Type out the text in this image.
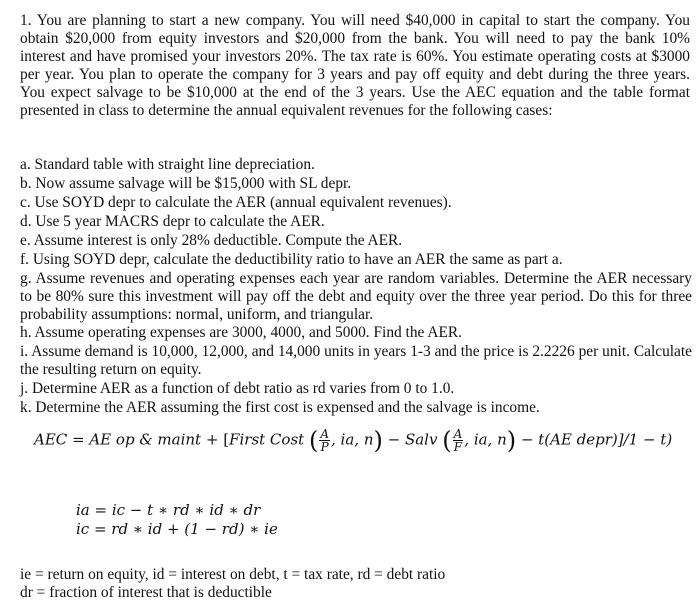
1. You are planning to start a new company. You will need $40,000 in capital to start the company. You obtain $20,000 from equity investors and $20,000 from the bank. You will need to pay the bank 10% interest and have promised your investors 20%. The tax rate is 60%. You estimate operating costs at $3000 per year. You plan to operate the company for 3 years and pay off equity and debt during the three years. You expect salvage to be $10,000 at the end of the 3 years. Use the AEC equation and the table format presented in class to determine the annual equivalent revenues for the following cases:
a. Standard table with straight line depreciation.
b. Now assume salvage will be $15,000 with SL depr.
c. Use SOYD depr to calculate the AER (annual equivalent revenues).
d. Use 5 year MACRS depr to calculate the AER.
e. Assume interest is only 28% deductible. Compute the AER.
f. Using SOYD depr, calculate the deductibility ratio to have an AER the same as part a.
g. Assume revenues and operating expenses each year are random variables. Determine the AER necessary to be 80% sure this investment will pay off the debt and equity over the three year period. Do this for three probability assumptions: normal, uniform, and triangular.
h. Assume operating expenses are 3000, 4000, and 5000. Find the AER.
i. Assume demand is 10,000, 12,000, and 14,000 units in years 1-3 and the price is 2.2226 per unit. Calculate the resulting return on equity.
j. Determine AER as a function of debt ratio as rd varies from 0 to 1.0.
k. Determine the AER assuming the first cost is expensed and the salvage is income.
AEC = AE op & maint + [First Cost ( $\frac{A}{P}$ , ia, n) − Salv ( $\frac{A}{F}$ , ia, n) − t(AE depr)]/1 − t)
ia = ic − t ∗ rd ∗ id ∗ dr
ic = rd ∗ id + (1 − rd) ∗ ie
ie = return on equity, id = interest on debt, t = tax rate, rd = debt ratio
dr = fraction of interest that is deductible
